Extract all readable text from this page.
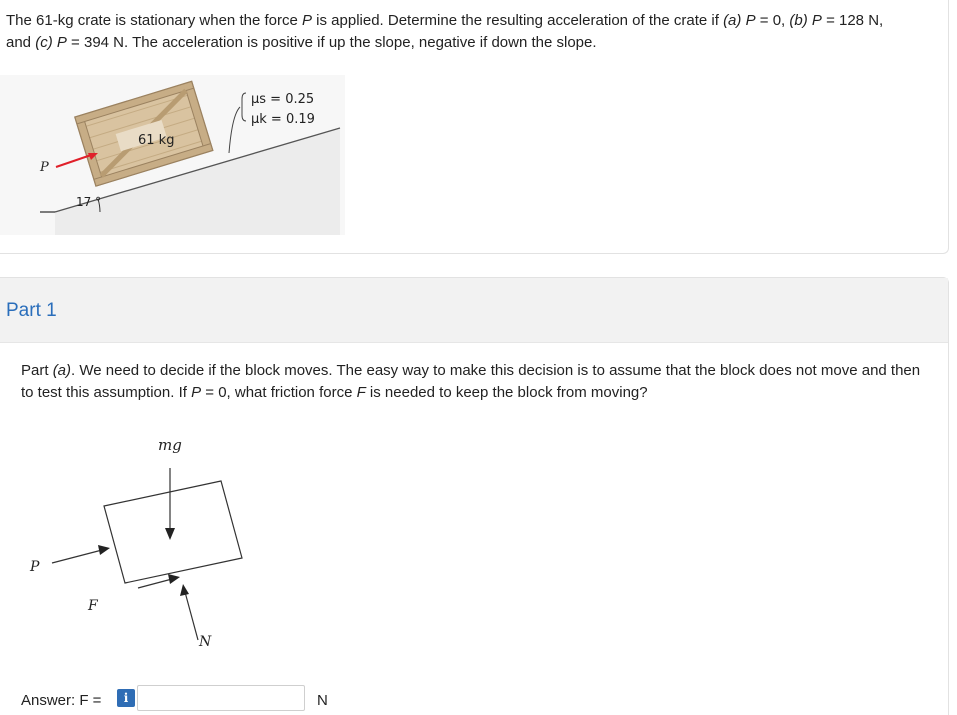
The 61-kg crate is stationary when the force P is applied. Determine the resulting acceleration of the crate if (a) P = 0, (b) P = 128 N,
and (c) P = 394 N. The acceleration is positive if up the slope, negative if down the slope.
61 kg
P
17 °
μs = 0.25
μk = 0.19
Part 1
Part (a). We need to decide if the block moves. The easy way to make this decision is to assume that the block does not move and then to test this assumption. If P = 0, what friction force F is needed to keep the block from moving?
mg
P
F
N
Answer: F =	i	N
